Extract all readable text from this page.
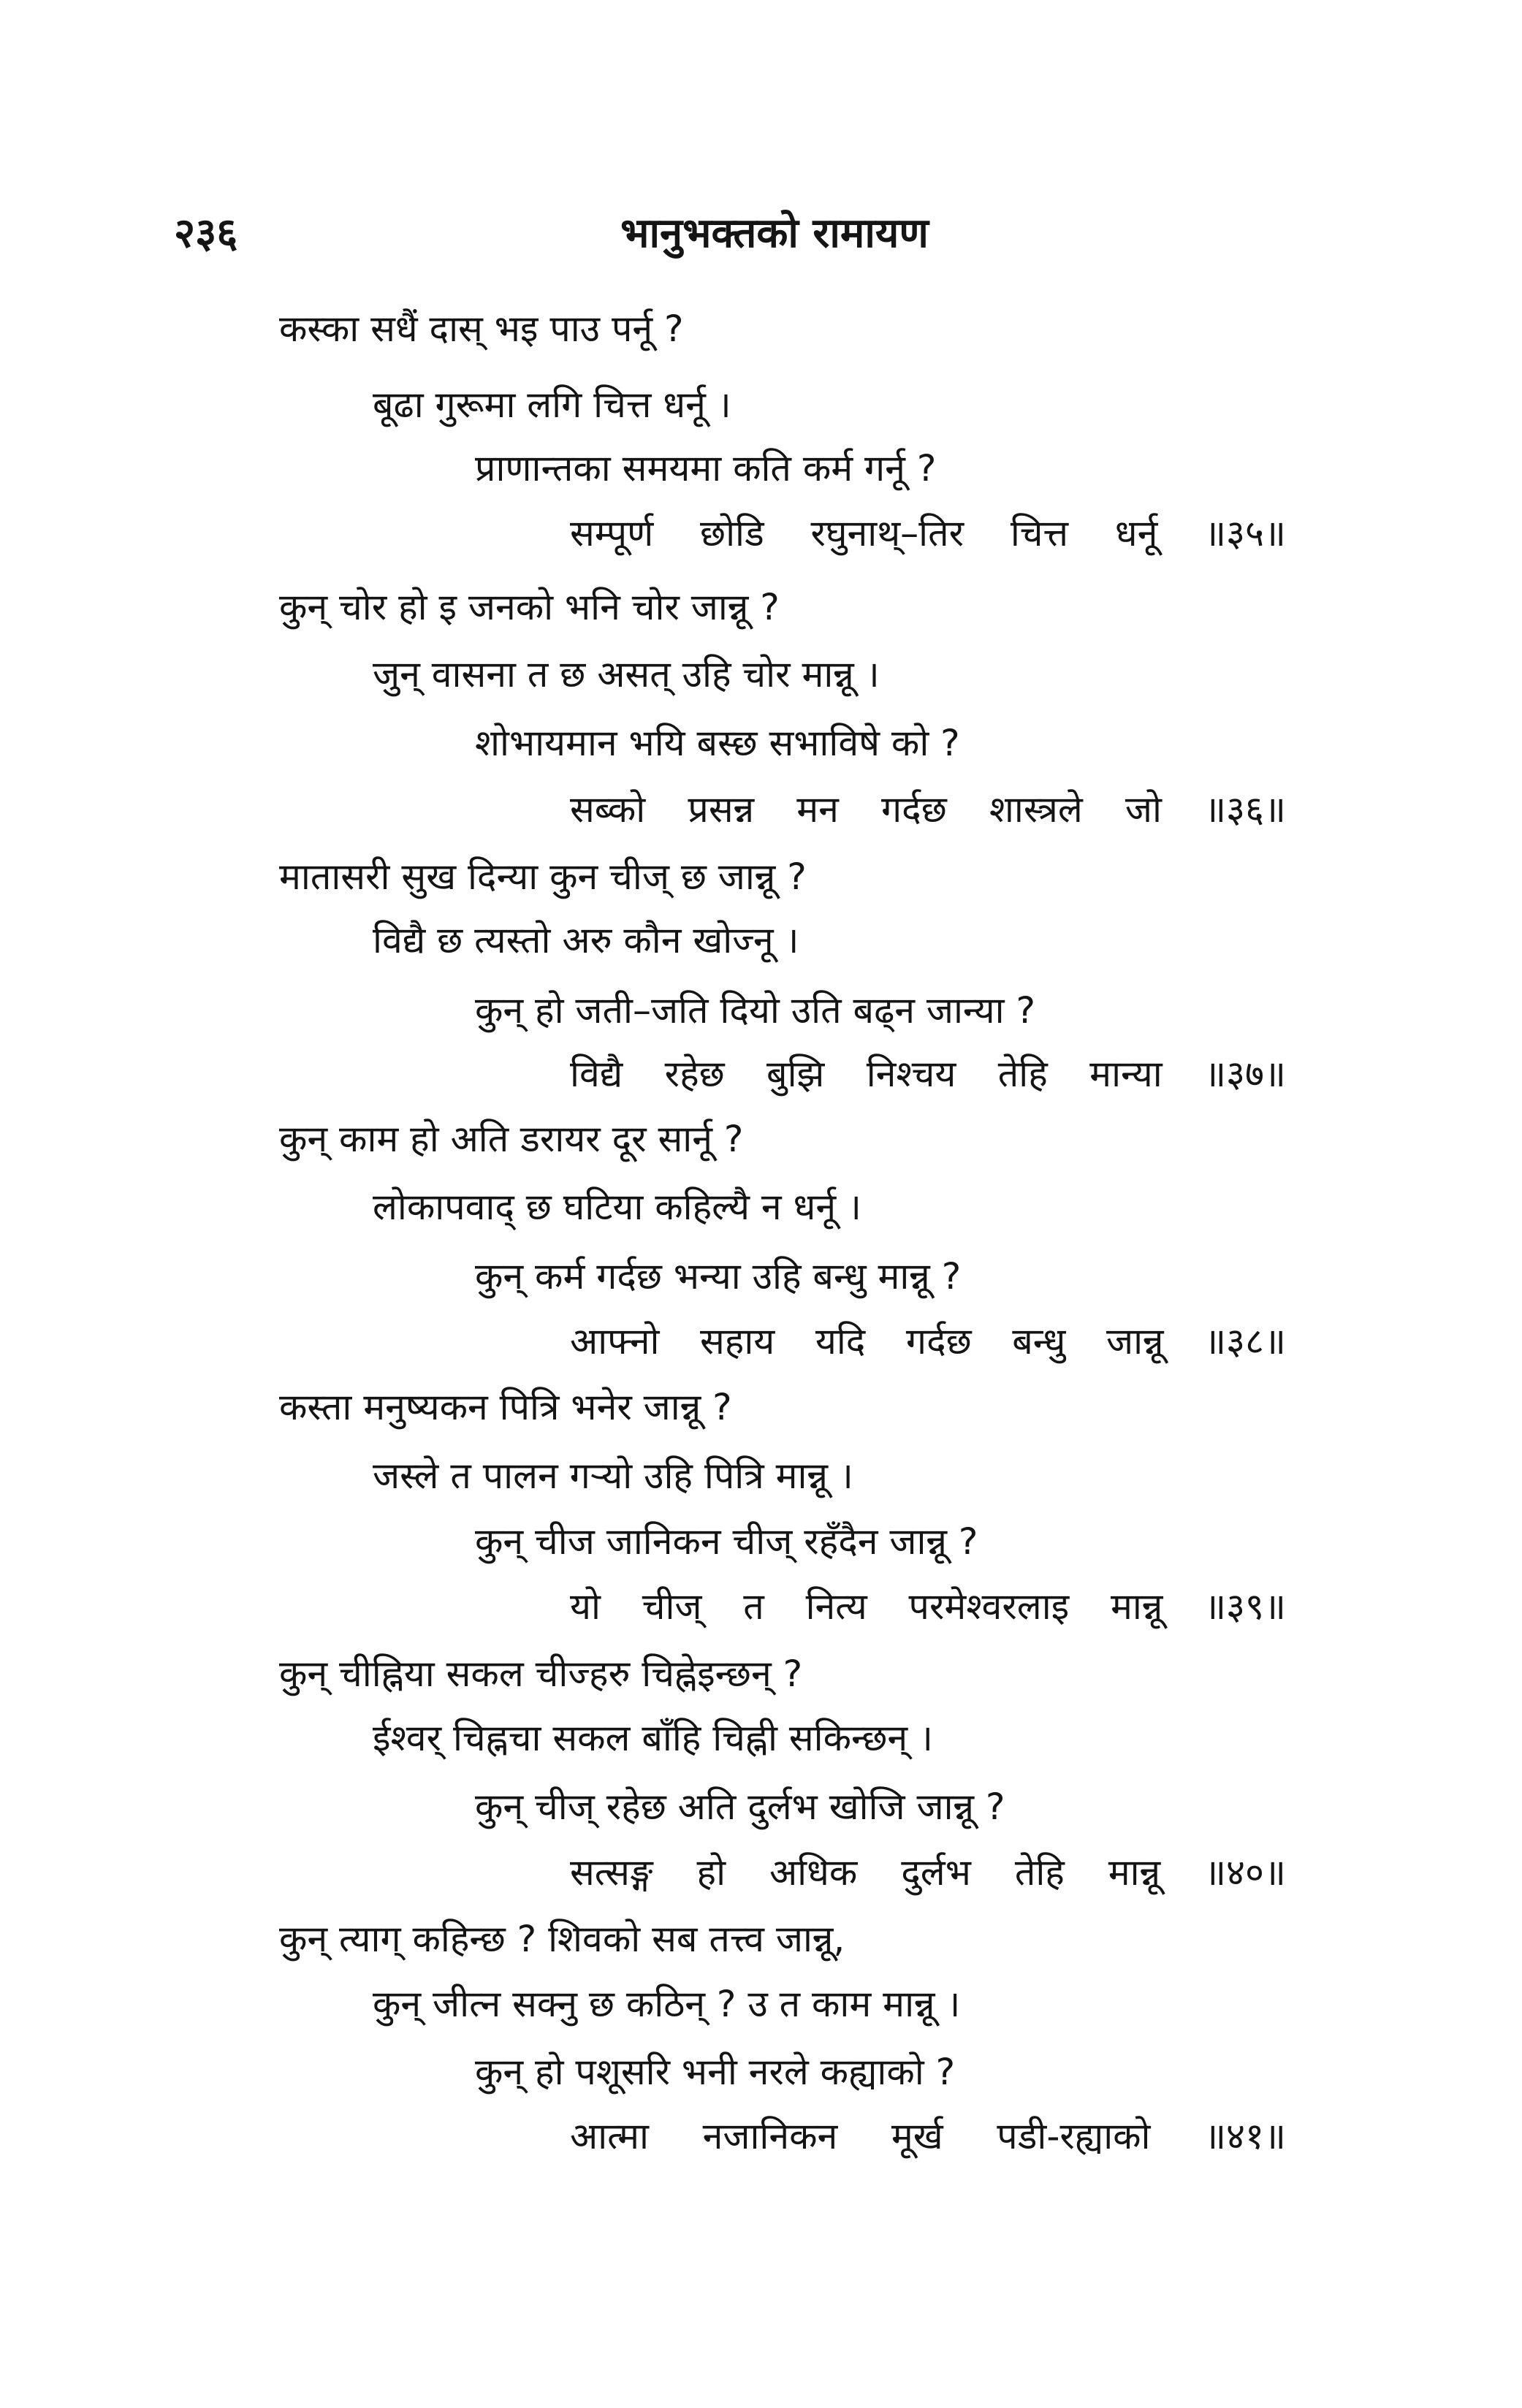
२३६	भानुभक्तको रामायण
कस्का सधैं दास् भइ पाउ पर्नू ?
बूढा गुरूमा लगि चित्त धर्नू ।
प्राणान्तका समयमा कति कर्म गर्नू ?
सम्पूर्ण छोडि रघुनाथ्–तिर चित्त धर्नू ॥३५॥
कुन् चोर हो इ जनको भनि चोर जान्नू ?
जुन् वासना त छ असत् उहि चोर मान्नू ।
शोभायमान भयि बस्छ सभाविषे को ?
सब्को प्रसन्न मन गर्दछ शास्त्रले जो ॥३६॥
मातासरी सुख दिन्या कुन चीज् छ जान्नू ?
विद्यै छ त्यस्तो अरु कौन खोज्नू ।
कुन् हो जती–जति दियो उति बढ्न जान्या ?
विद्यै रहेछ बुझि निश्चय तेहि मान्या ॥३७॥
कुन् काम हो अति डरायर दूर सार्नू ?
लोकापवाद् छ घटिया कहिल्यै न धर्नू ।
कुन् कर्म गर्दछ भन्या उहि बन्धु मान्नू ?
आफ्नो सहाय यदि गर्दछ बन्धु जान्नू ॥३८॥
कस्ता मनुष्यकन पित्रि भनेर जान्नू ?
जस्ले त पालन गर्‍यो उहि पित्रि मान्नू ।
कुन् चीज जानिकन चीज् रहँदैन जान्नू ?
यो चीज् त नित्य परमेश्वरलाइ मान्नू ॥३९॥
कुन् चीह्निया सकल चीज्हरु चिह्नेइन्छन् ?
ईश्वर् चिह्नचा सकल बाँहि चिह्नी सकिन्छन् ।
कुन् चीज् रहेछ अति दुर्लभ खोजि जान्नू ?
सत्सङ्ग हो अधिक दुर्लभ तेहि मान्नू ॥४०॥
कुन् त्याग् कहिन्छ ? शिवको सब तत्त्व जान्नू,
कुन् जीत्न सक्नु छ कठिन् ? उ त काम मान्नू ।
कुन् हो पशूसरि भनी नरले कह्याको ?
आत्मा नजानिकन मूर्ख पडी-रह्याको ॥४१॥
